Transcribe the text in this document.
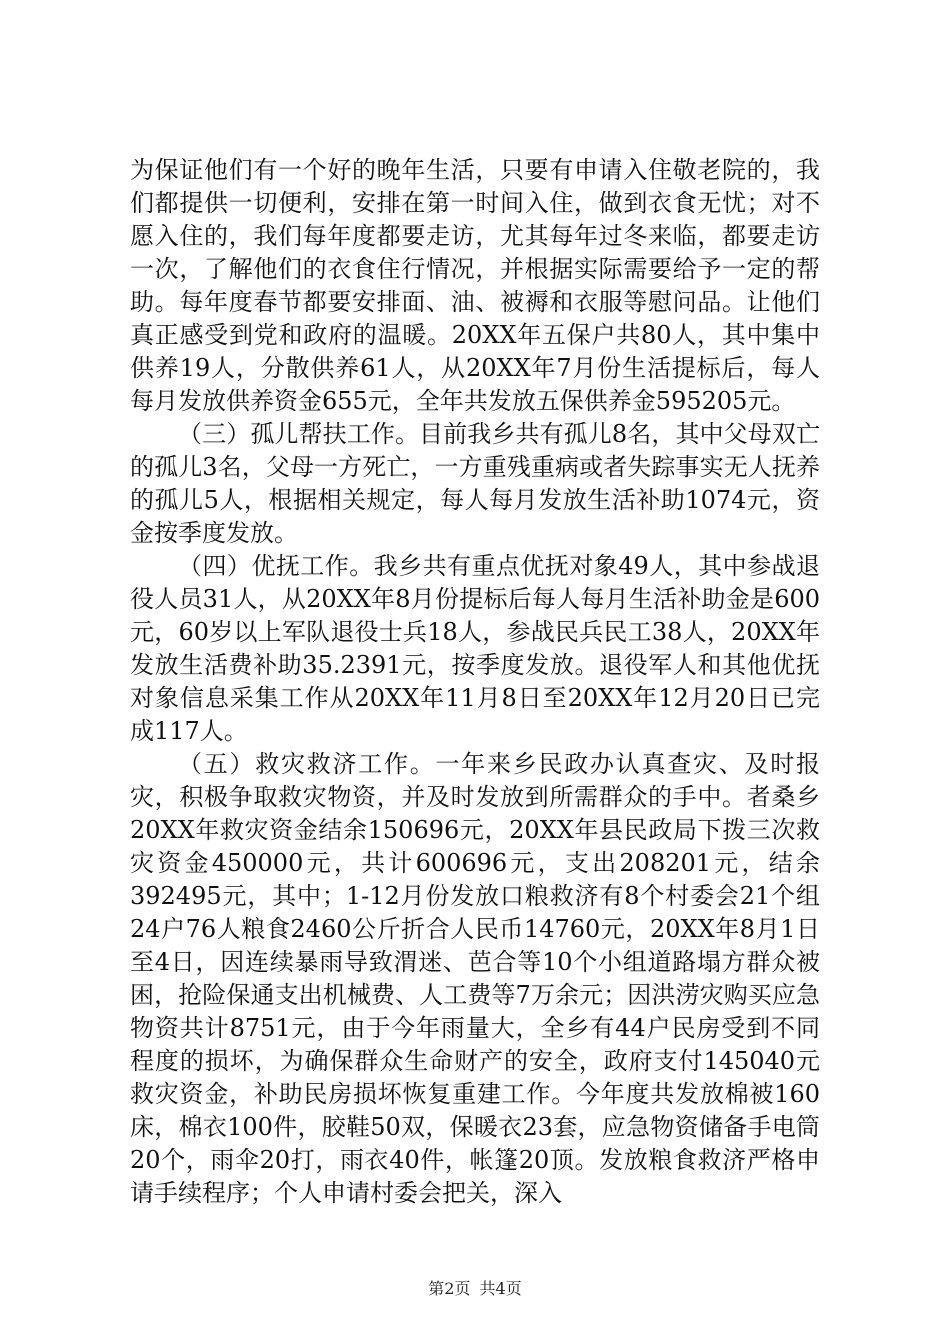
为保证他们有一个好的晚年生活，只要有申请入住敬老院的，我们都提供一切便利，安排在第一时间入住，做到衣食无忧；对不愿入住的，我们每年度都要走访，尤其每年过冬来临，都要走访一次，了解他们的衣食住行情况，并根据实际需要给予一定的帮助。每年度春节都要安排面、油、被褥和衣服等慰问品。让他们真正感受到党和政府的温暖。20XX年五保户共80人，其中集中供养19人，分散供养61人，从20XX年7月份生活提标后，每人每月发放供养资金655元，全年共发放五保供养金595205元。

（三）孤儿帮扶工作。目前我乡共有孤儿8名，其中父母双亡的孤儿3名，父母一方死亡，一方重残重病或者失踪事实无人抚养的孤儿5人，根据相关规定，每人每月发放生活补助1074元，资金按季度发放。

（四）优抚工作。我乡共有重点优抚对象49人，其中参战退役人员31人，从20XX年8月份提标后每人每月生活补助金是600元，60岁以上军队退役士兵18人，参战民兵民工38人，20XX年发放生活费补助35.2391元，按季度发放。退役军人和其他优抚对象信息采集工作从20XX年11月8日至20XX年12月20日已完成117人。

（五）救灾救济工作。一年来乡民政办认真查灾、及时报灾，积极争取救灾物资，并及时发放到所需群众的手中。者桑乡20XX年救灾资金结余150696元，20XX年县民政局下拨三次救灾资金450000元，共计600696元，支出208201元，结余392495元，其中；1-12月份发放口粮救济有8个村委会21个组24户76人粮食2460公斤折合人民币14760元，20XX年8月1日至4日，因连续暴雨导致渭迷、芭合等10个小组道路塌方群众被困，抢险保通支出机械费、人工费等7万余元；因洪涝灾购买应急物资共计8751元，由于今年雨量大，全乡有44户民房受到不同程度的损坏，为确保群众生命财产的安全，政府支付145040元救灾资金，补助民房损坏恢复重建工作。今年度共发放棉被160床，棉衣100件，胶鞋50双，保暖衣23套，应急物资储备手电筒20个，雨伞20打，雨衣40件，帐篷20顶。发放粮食救济严格申请手续程序；个人申请村委会把关，深入

第2页 共4页
